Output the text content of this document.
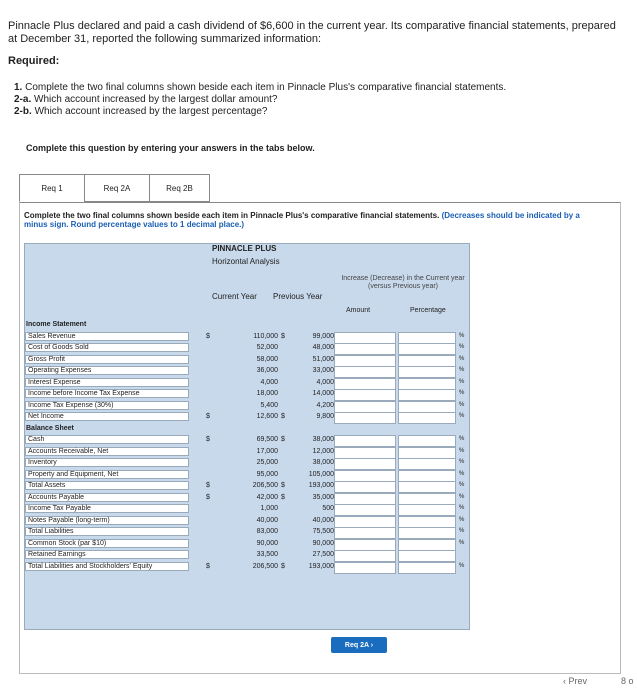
Pinnacle Plus declared and paid a cash dividend of $6,600 in the current year. Its comparative financial statements, prepared at December 31, reported the following summarized information:
Required:
1. Complete the two final columns shown beside each item in Pinnacle Plus's comparative financial statements.
2-a. Which account increased by the largest dollar amount?
2-b. Which account increased by the largest percentage?
Complete this question by entering your answers in the tabs below.
Req 1	Req 2A	Req 2B
Complete the two final columns shown beside each item in Pinnacle Plus's comparative financial statements. (Decreases should be indicated by a minus sign. Round percentage values to 1 decimal place.)
PINNACLE PLUS
Horizontal Analysis
Current Year Previous Year
Increase (Decrease) in the Current year (versus Previous year)
Amount	Percentage
Income Statement
Sales Revenue	$	110,000 $	99,000	%
Cost of Goods Sold	52,000	48,000	%
Gross Profit	58,000	51,000	%
Operating Expenses	36,000	33,000	%
Interest Expense	4,000	4,000	%
Income before Income Tax Expense	18,000	14,000	%
Income Tax Expense (30%)	5,400	4,200	%
Net Income	$	12,600 $	9,800	%
Balance Sheet
Cash	$	69,500 $	38,000	%
Accounts Receivable, Net	17,000	12,000	%
Inventory	25,000	38,000	%
Property and Equipment, Net	95,000	105,000	%
Total Assets	$	206,500 $	193,000	%
Accounts Payable	$	42,000 $	35,000	%
Income Tax Payable	1,000	500	%
Notes Payable (long-term)	40,000	40,000	%
Total Liabilities	83,000	75,500	%
Common Stock (par $10)	90,000	90,000	%
Retained Earnings	33,500	27,500
Total Liabilities and Stockholders' Equity	$	206,500 $	193,000	%
Req 2A ›
‹ Prev	8 o
